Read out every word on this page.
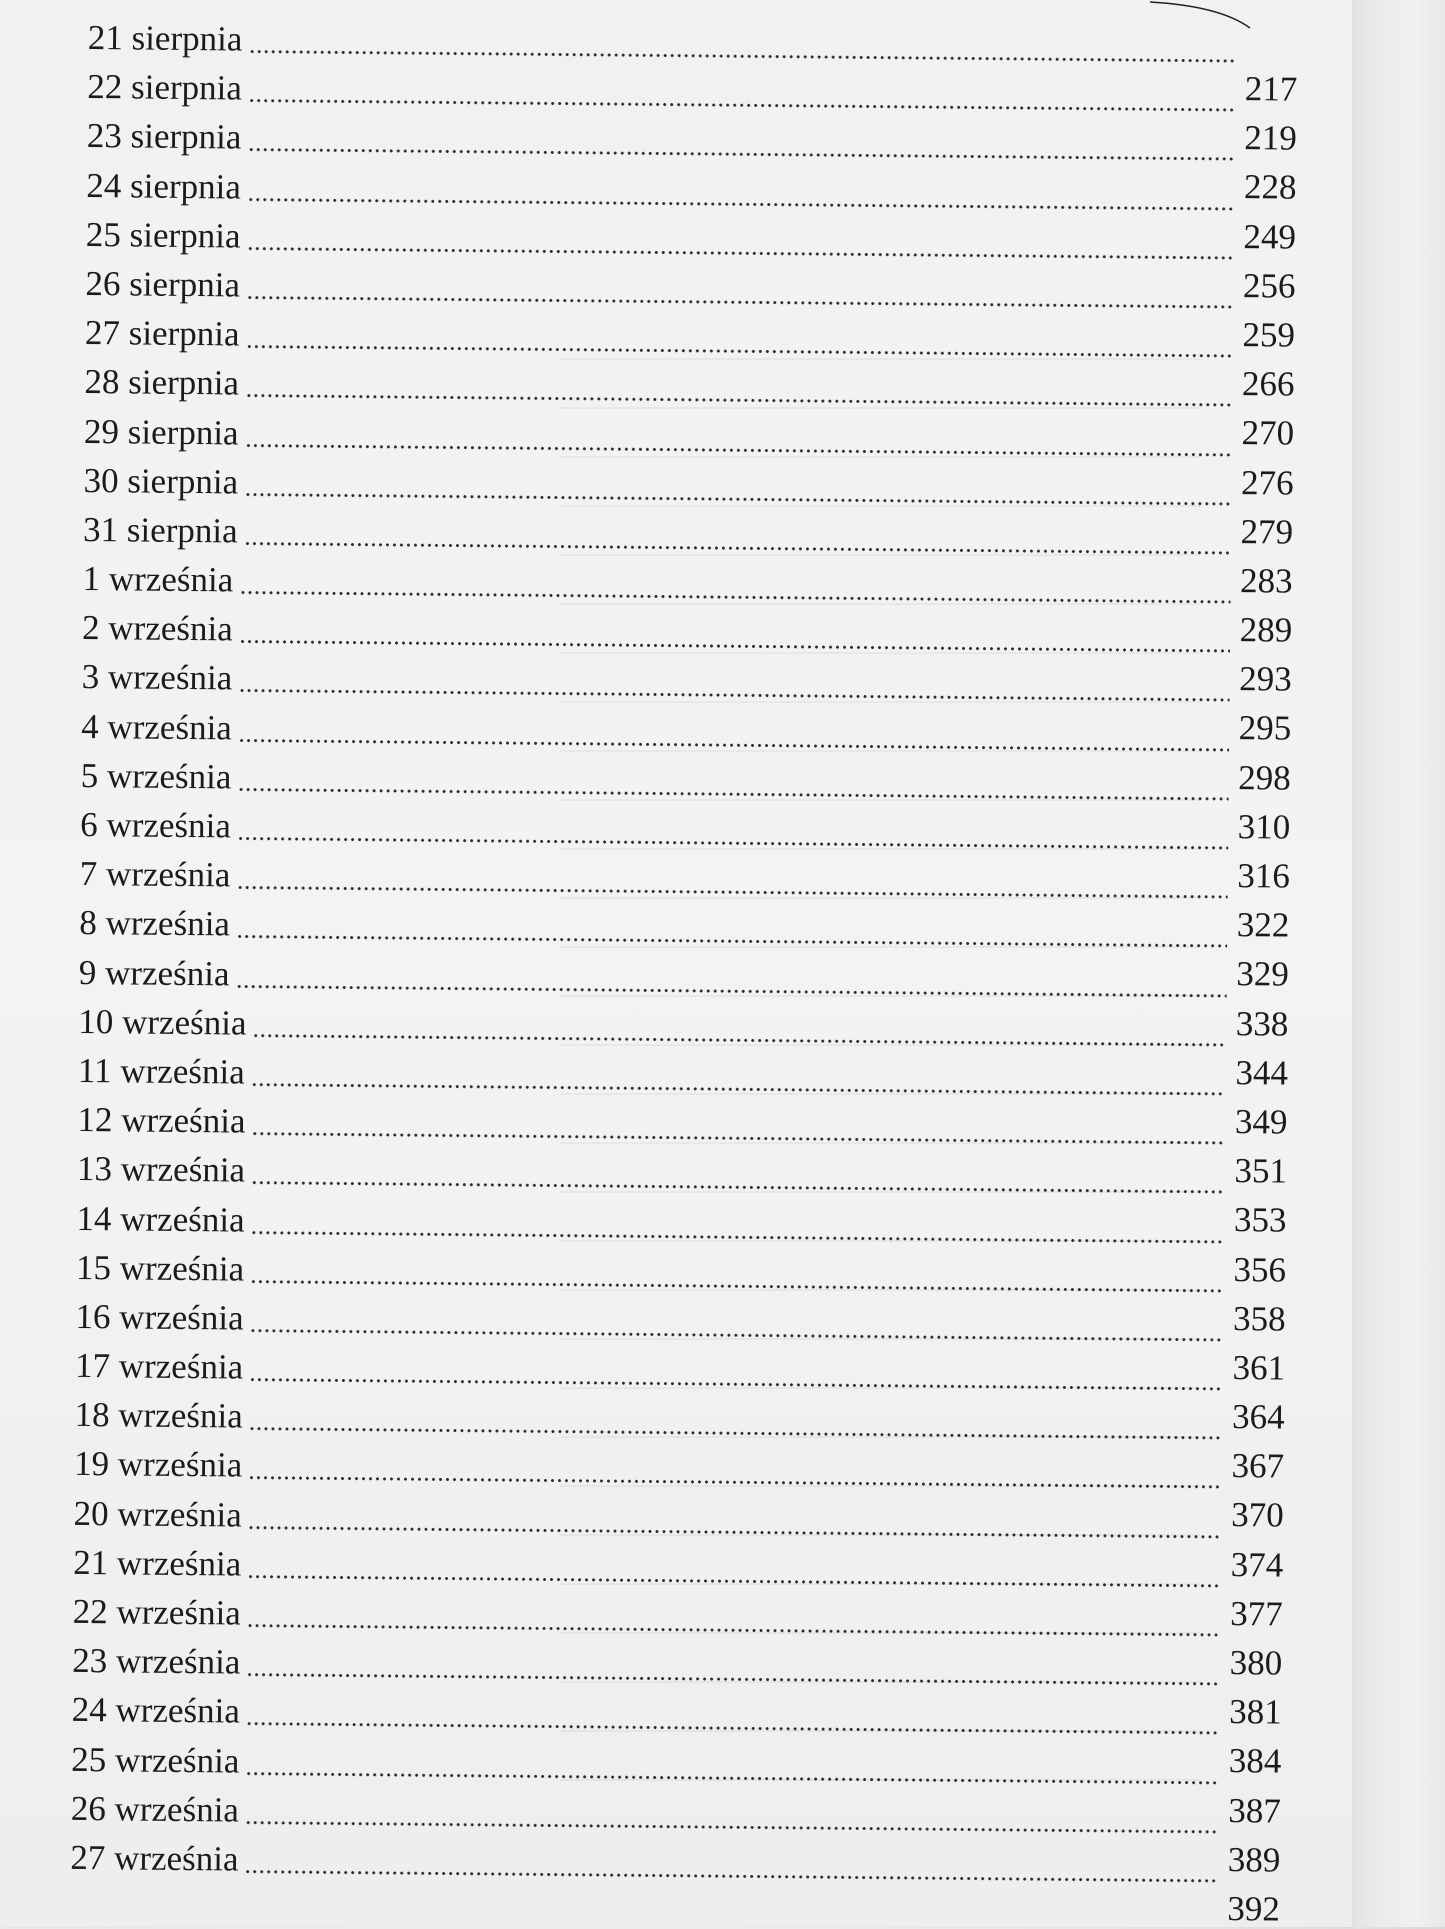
21 sierpnia
217
22 sierpnia
219
23 sierpnia
228
24 sierpnia
249
25 sierpnia
256
26 sierpnia
259
27 sierpnia
266
28 sierpnia
270
29 sierpnia
276
30 sierpnia
279
31 sierpnia
283
1 września
289
2 września
293
3 września
295
4 września
298
5 września
310
6 września
316
7 września
322
8 września
329
9 września
338
10 września
344
11 września
349
12 września
351
13 września
353
14 września
356
15 września
358
16 września
361
17 września
364
18 września
367
19 września
370
20 września
374
21 września
377
22 września
380
23 września
381
24 września
384
25 września
387
26 września
389
27 września
392
